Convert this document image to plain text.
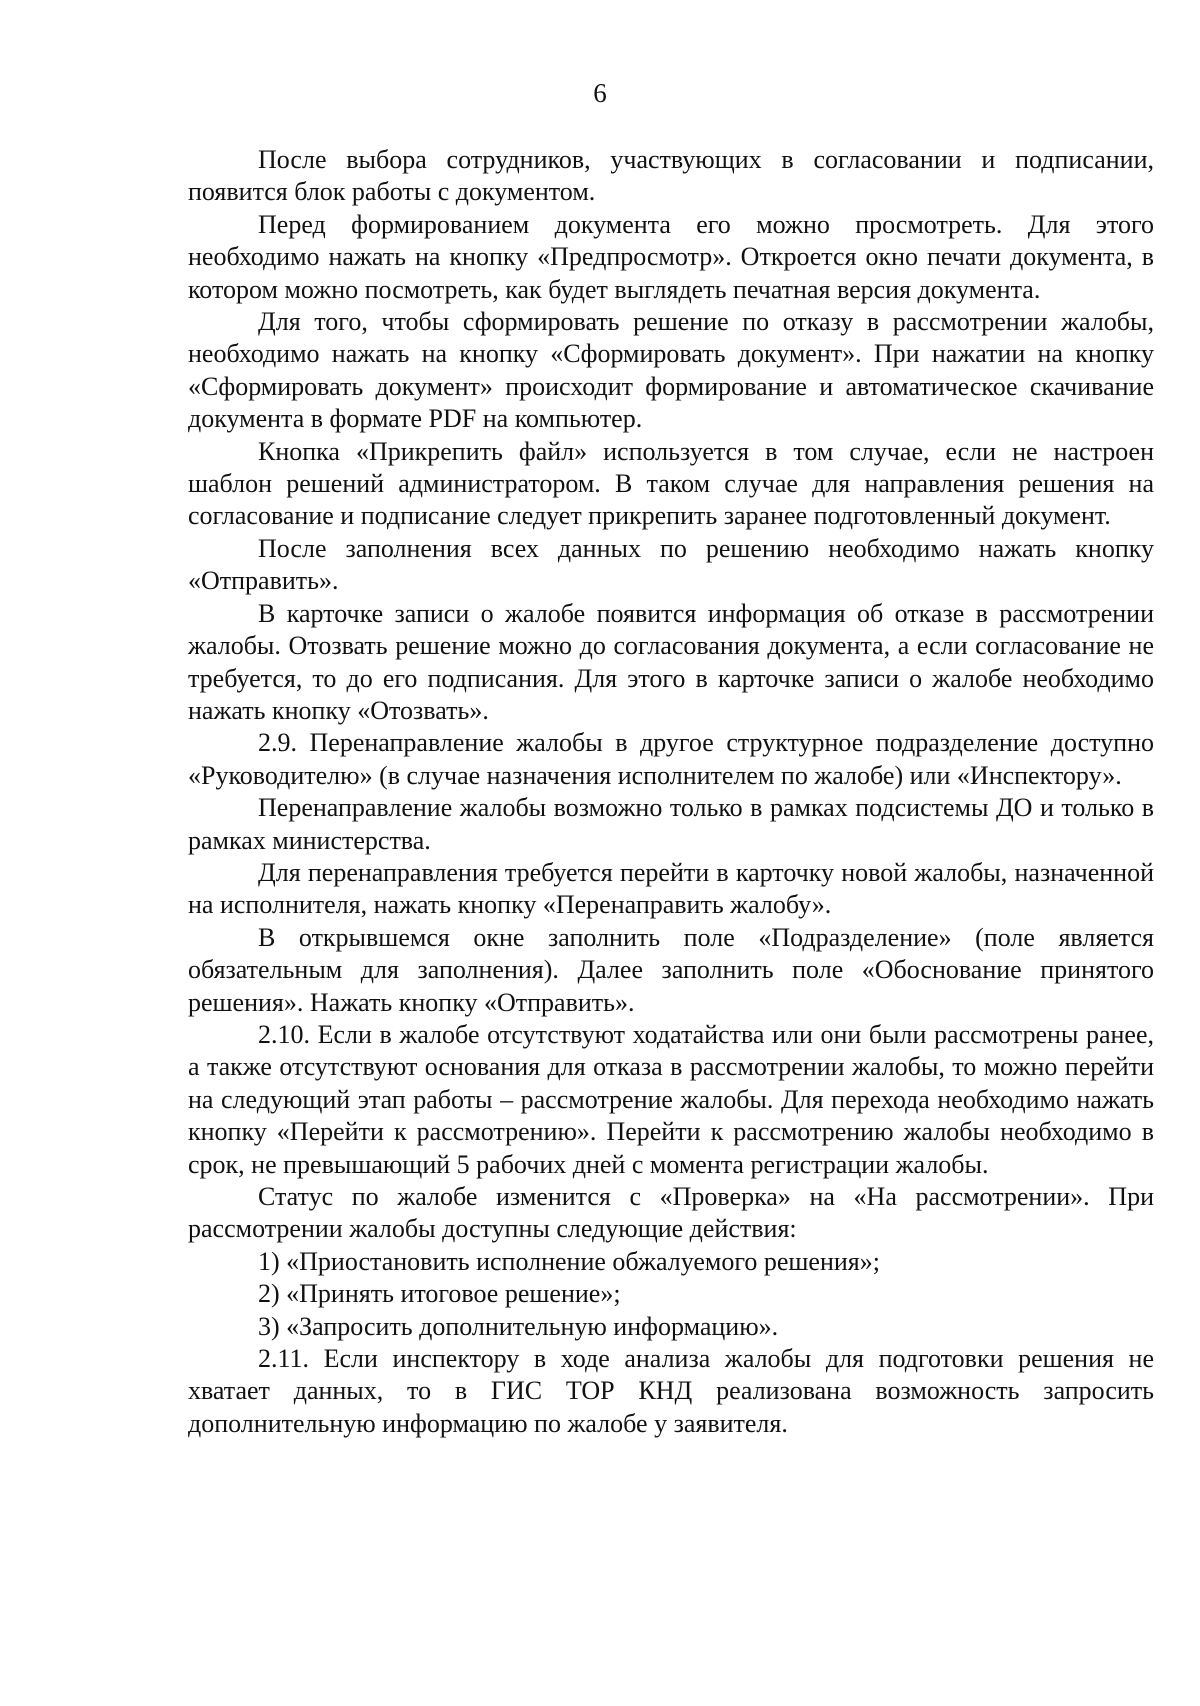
6

После выбора сотрудников, участвующих в согласовании и подписании, появится блок работы с документом.

Перед формированием документа его можно просмотреть. Для этого необходимо нажать на кнопку «Предпросмотр». Откроется окно печати документа, в котором можно посмотреть, как будет выглядеть печатная версия документа.

Для того, чтобы сформировать решение по отказу в рассмотрении жалобы, необходимо нажать на кнопку «Сформировать документ». При нажатии на кнопку «Сформировать документ» происходит формирование и автоматическое скачивание документа в формате PDF на компьютер.

Кнопка «Прикрепить файл» используется в том случае, если не настроен шаблон решений администратором. В таком случае для направления решения на согласование и подписание следует прикрепить заранее подготовленный документ.

После заполнения всех данных по решению необходимо нажать кнопку «Отправить».

В карточке записи о жалобе появится информация об отказе в рассмотрении жалобы. Отозвать решение можно до согласования документа, а если согласование не требуется, то до его подписания. Для этого в карточке записи о жалобе необходимо нажать кнопку «Отозвать».

2.9. Перенаправление жалобы в другое структурное подразделение доступно «Руководителю» (в случае назначения исполнителем по жалобе) или «Инспектору».

Перенаправление жалобы возможно только в рамках подсистемы ДО и только в рамках министерства.

Для перенаправления требуется перейти в карточку новой жалобы, назначенной на исполнителя, нажать кнопку «Перенаправить жалобу».

В открывшемся окне заполнить поле «Подразделение» (поле является обязательным для заполнения). Далее заполнить поле «Обоснование принятого решения». Нажать кнопку «Отправить».

2.10. Если в жалобе отсутствуют ходатайства или они были рассмотрены ранее, а также отсутствуют основания для отказа в рассмотрении жалобы, то можно перейти на следующий этап работы – рассмотрение жалобы. Для перехода необходимо нажать кнопку «Перейти к рассмотрению». Перейти к рассмотрению жалобы необходимо в срок, не превышающий 5 рабочих дней с момента регистрации жалобы.

Статус по жалобе изменится с «Проверка» на «На рассмотрении». При рассмотрении жалобы доступны следующие действия:

1) «Приостановить исполнение обжалуемого решения»;

2) «Принять итоговое решение»;

3) «Запросить дополнительную информацию».

2.11. Если инспектору в ходе анализа жалобы для подготовки решения не хватает данных, то в ГИС ТОР КНД реализована возможность запросить дополнительную информацию по жалобе у заявителя.
